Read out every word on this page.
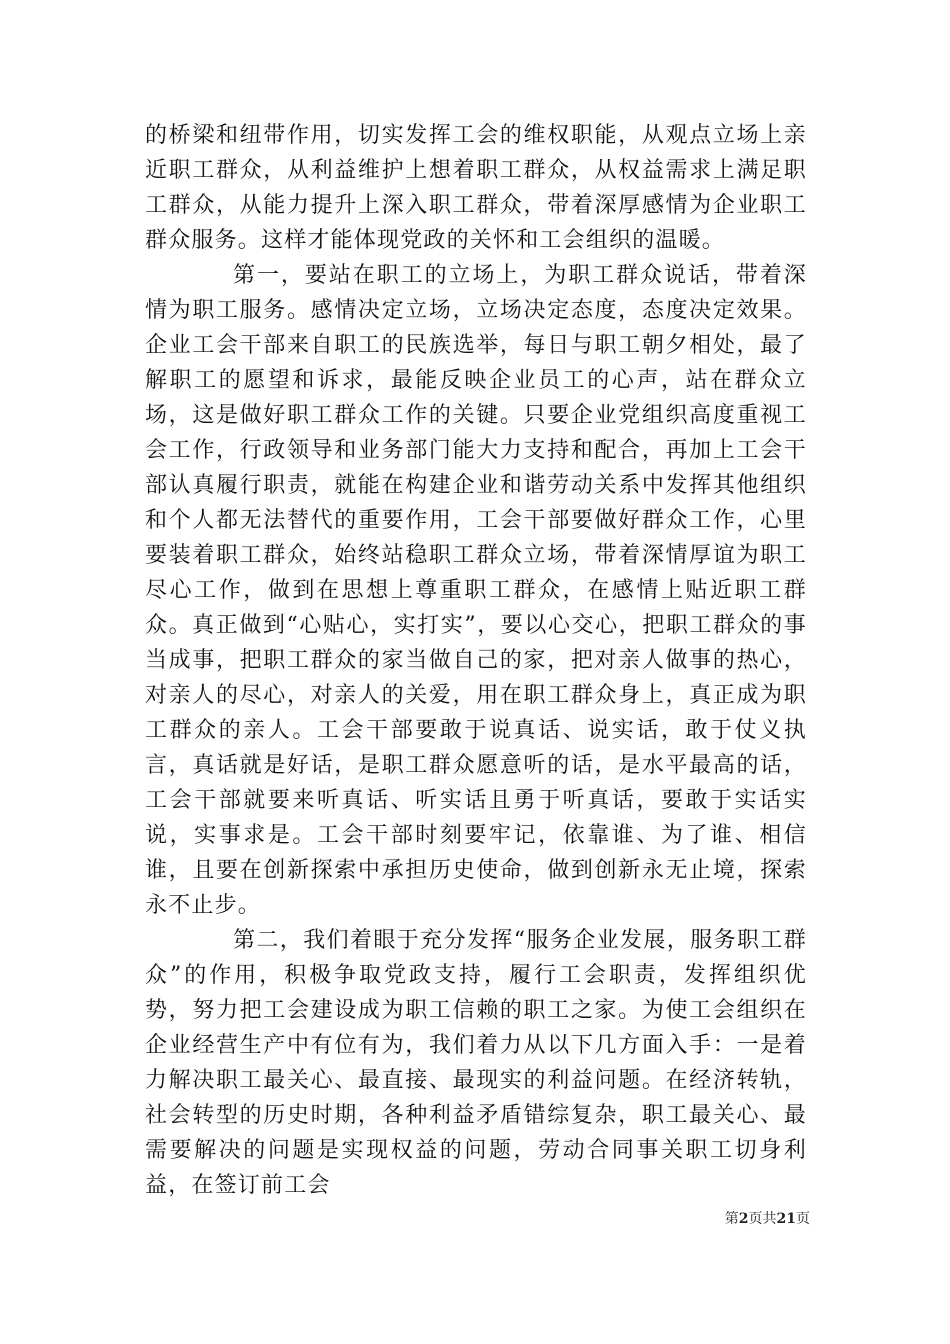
的桥梁和纽带作用，切实发挥工会的维权职能，从观点立场上亲近职工群众，从利益维护上想着职工群众，从权益需求上满足职工群众，从能力提升上深入职工群众，带着深厚感情为企业职工群众服务。这样才能体现党政的关怀和工会组织的温暖。

第一，要站在职工的立场上，为职工群众说话，带着深情为职工服务。感情决定立场，立场决定态度，态度决定效果。企业工会干部来自职工的民族选举，每日与职工朝夕相处，最了解职工的愿望和诉求，最能反映企业员工的心声，站在群众立场，这是做好职工群众工作的关键。只要企业党组织高度重视工会工作，行政领导和业务部门能大力支持和配合，再加上工会干部认真履行职责，就能在构建企业和谐劳动关系中发挥其他组织和个人都无法替代的重要作用，工会干部要做好群众工作，心里要装着职工群众，始终站稳职工群众立场，带着深情厚谊为职工尽心工作，做到在思想上尊重职工群众，在感情上贴近职工群众。真正做到“心贴心，实打实”，要以心交心，把职工群众的事当成事，把职工群众的家当做自己的家，把对亲人做事的热心，对亲人的尽心，对亲人的关爱，用在职工群众身上，真正成为职工群众的亲人。工会干部要敢于说真话、说实话，敢于仗义执言，真话就是好话，是职工群众愿意听的话，是水平最高的话，工会干部就要来听真话、听实话且勇于听真话，要敢于实话实说，实事求是。工会干部时刻要牢记，依靠谁、为了谁、相信谁，且要在创新探索中承担历史使命，做到创新永无止境，探索永不止步。

第二，我们着眼于充分发挥“服务企业发展，服务职工群众”的作用，积极争取党政支持，履行工会职责，发挥组织优势，努力把工会建设成为职工信赖的职工之家。为使工会组织在企业经营生产中有位有为，我们着力从以下几方面入手：一是着力解决职工最关心、最直接、最现实的利益问题。在经济转轨，社会转型的历史时期，各种利益矛盾错综复杂，职工最关心、最需要解决的问题是实现权益的问题，劳动合同事关职工切身利益，在签订前工会

第2页共21页
